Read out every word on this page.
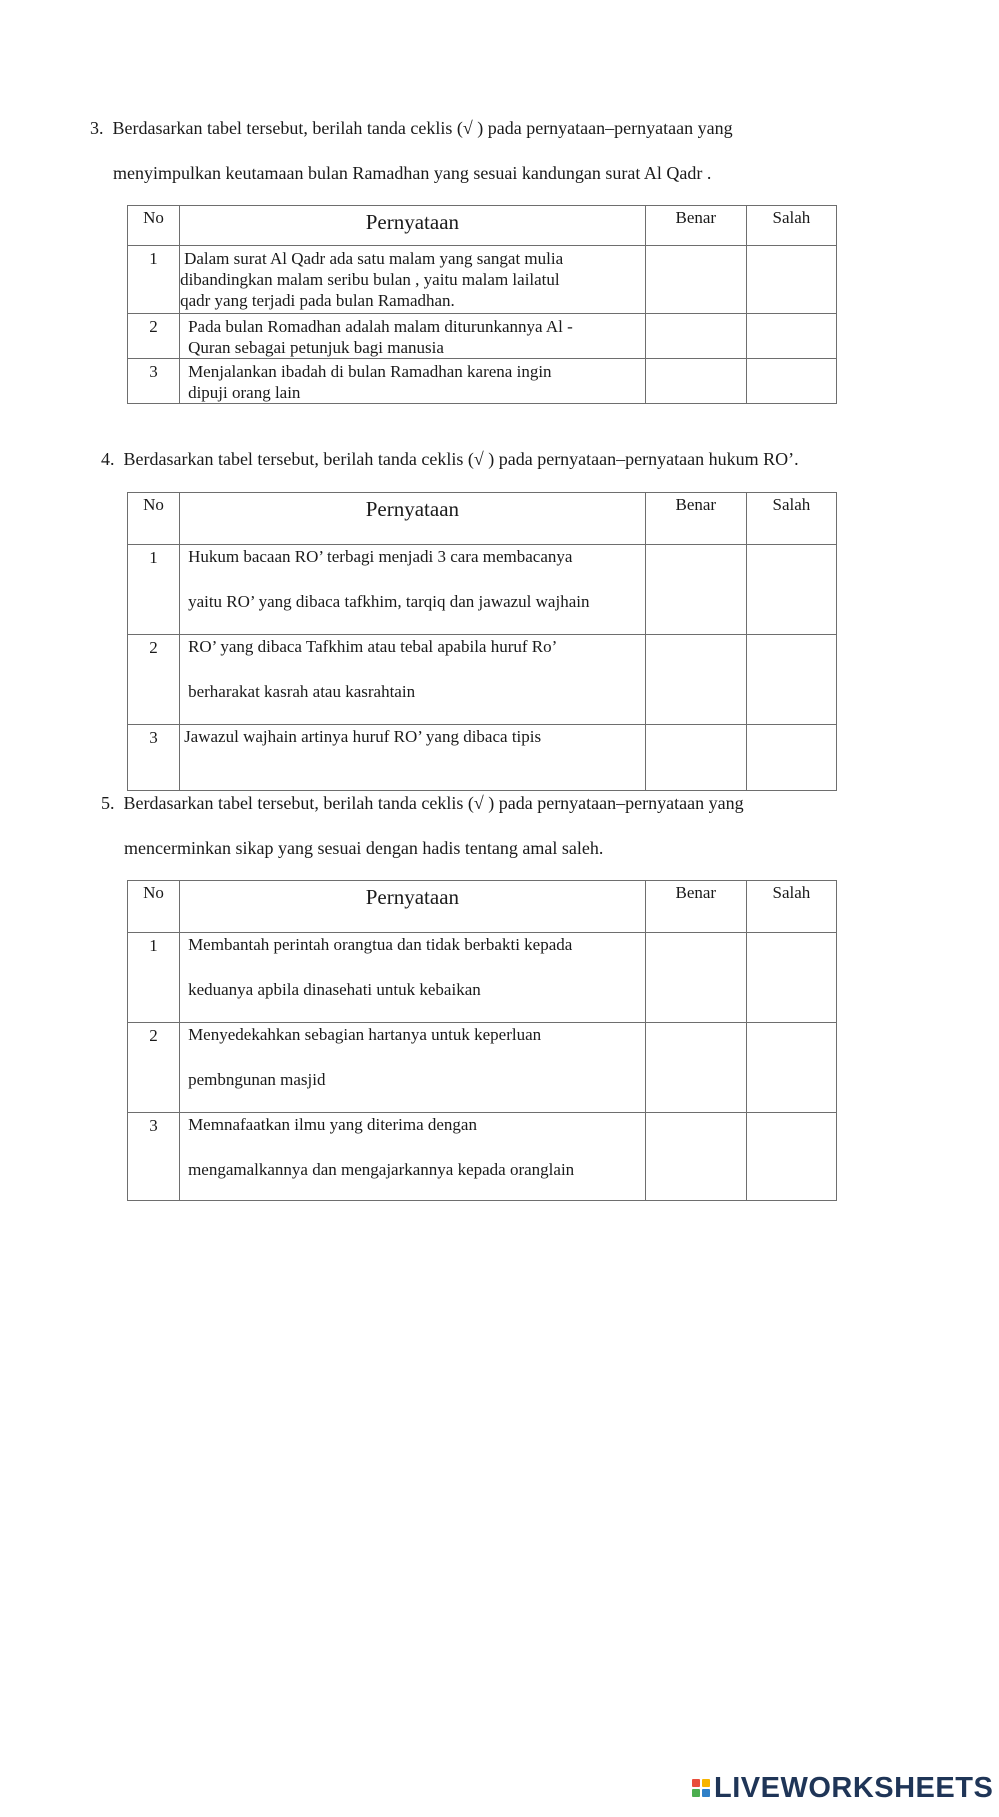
3. Berdasarkan tabel tersebut, berilah tanda ceklis (√ ) pada pernyataan–pernyataan yang
menyimpulkan keutamaan bulan Ramadhan yang sesuai kandungan surat Al Qadr .
No	Pernyataan	Benar	Salah
1	Dalam surat Al Qadr ada satu malam yang sangat mulia
dibandingkan malam seribu bulan , yaitu malam lailatul
qadr yang terjadi pada bulan Ramadhan.		

2	Pada bulan Romadhan adalah malam diturunkannya Al -
Quran sebagai petunjuk bagi manusia		

3	Menjalankan ibadah di bulan Ramadhan karena ingin
dipuji orang lain		

4. Berdasarkan tabel tersebut, berilah tanda ceklis (√ ) pada pernyataan–pernyataan hukum RO’.
No	Pernyataan	Benar	Salah
1	Hukum bacaan RO’ terbagi menjadi 3 cara membacanya
yaitu RO’ yang dibaca tafkhim, tarqiq dan jawazul wajhain		

2	RO’ yang dibaca Tafkhim atau tebal apabila huruf Ro’
berharakat kasrah atau kasrahtain		

3	Jawazul wajhain artinya huruf RO’ yang dibaca tipis		

5. Berdasarkan tabel tersebut, berilah tanda ceklis (√ ) pada pernyataan–pernyataan yang
mencerminkan sikap yang sesuai dengan hadis tentang amal saleh.
No	Pernyataan	Benar	Salah
1	Membantah perintah orangtua dan tidak berbakti kepada
keduanya apbila dinasehati untuk kebaikan		

2	Menyedekahkan sebagian hartanya untuk keperluan
pembngunan masjid		

3	Memnafaatkan ilmu yang diterima dengan
mengamalkannya dan mengajarkannya kepada oranglain		

LIVEWORKSHEETS
